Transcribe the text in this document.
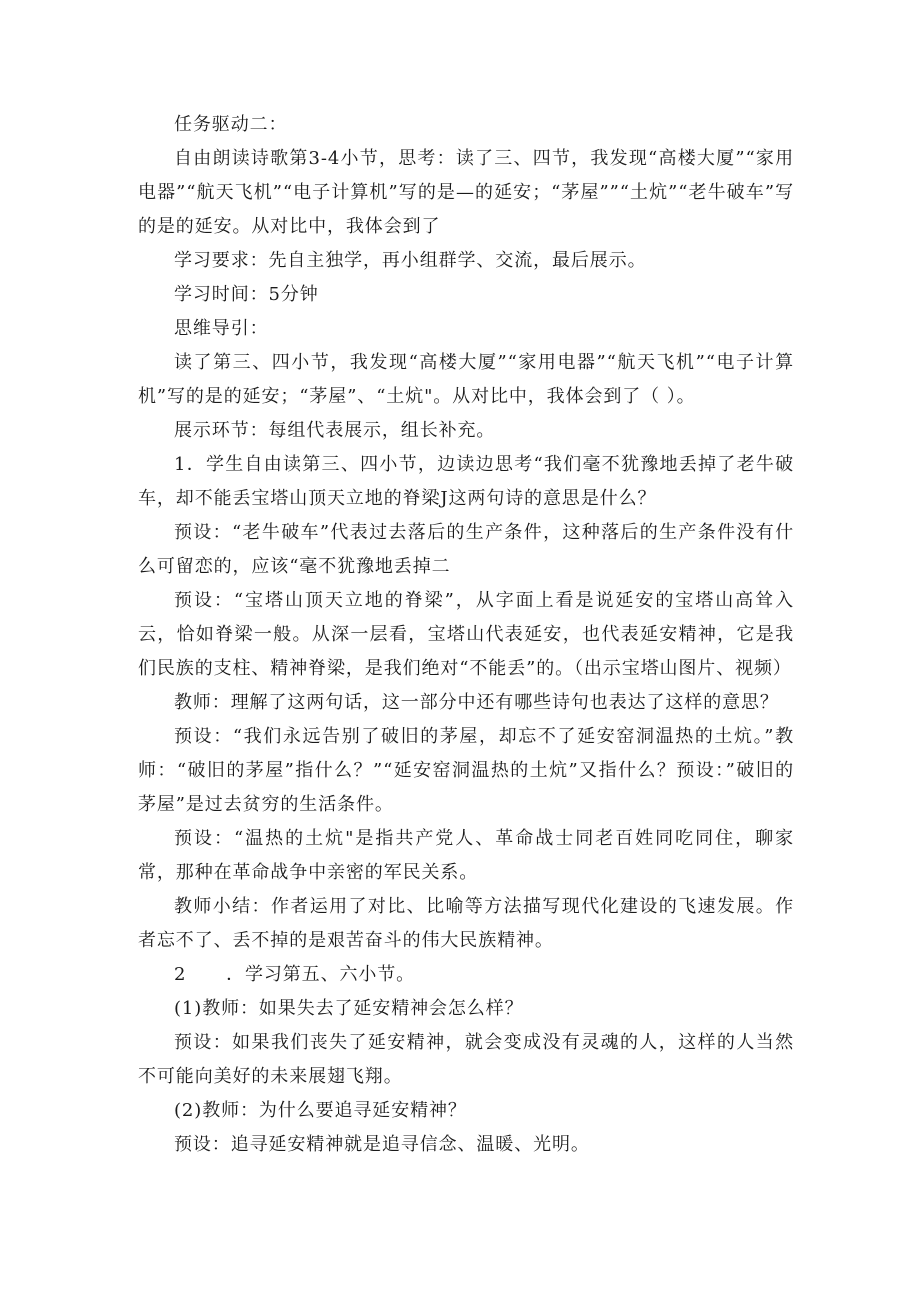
任务驱动二：

自由朗读诗歌第3-4小节，思考：读了三、四节，我发现“高楼大厦”“家用电器”“航天飞机”“电子计算机”写的是—的延安；“茅屋””“土炕”“老牛破车”写的是的延安。从对比中，我体会到了

学习要求：先自主独学，再小组群学、交流，最后展示。

学习时间：5分钟

思维导引：

读了第三、四小节，我发现“高楼大厦”“家用电器”“航天飞机”“电子计算机”写的是的延安；“茅屋”、“土炕"。从对比中，我体会到了（ ）。

展示环节：每组代表展示，组长补充。

1．学生自由读第三、四小节，边读边思考“我们毫不犹豫地丢掉了老牛破车，却不能丢宝塔山顶天立地的脊梁J这两句诗的意思是什么？

预设：“老牛破车”代表过去落后的生产条件，这种落后的生产条件没有什么可留恋的，应该“毫不犹豫地丢掉二

预设：“宝塔山顶天立地的脊梁”，从字面上看是说延安的宝塔山高耸入云，恰如脊梁一般。从深一层看，宝塔山代表延安，也代表延安精神，它是我们民族的支柱、精神脊梁，是我们绝对“不能丢”的。（出示宝塔山图片、视频）

教师：理解了这两句话，这一部分中还有哪些诗句也表达了这样的意思？

预设：“我们永远告别了破旧的茅屋，却忘不了延安窑洞温热的土炕。”教师：“破旧的茅屋”指什么？”“延安窑洞温热的土炕”又指什么？预设：”破旧的茅屋”是过去贫穷的生活条件。

预设：“温热的土炕"是指共产党人、革命战士同老百姓同吃同住，聊家常，那种在革命战争中亲密的军民关系。

教师小结：作者运用了对比、比喻等方法描写现代化建设的飞速发展。作者忘不了、丢不掉的是艰苦奋斗的伟大民族精神。

2      ．学习第五、六小节。

(1)教师：如果失去了延安精神会怎么样？

预设：如果我们丧失了延安精神，就会变成没有灵魂的人，这样的人当然不可能向美好的未来展翅飞翔。

(2)教师：为什么要追寻延安精神？

预设：追寻延安精神就是追寻信念、温暖、光明。
